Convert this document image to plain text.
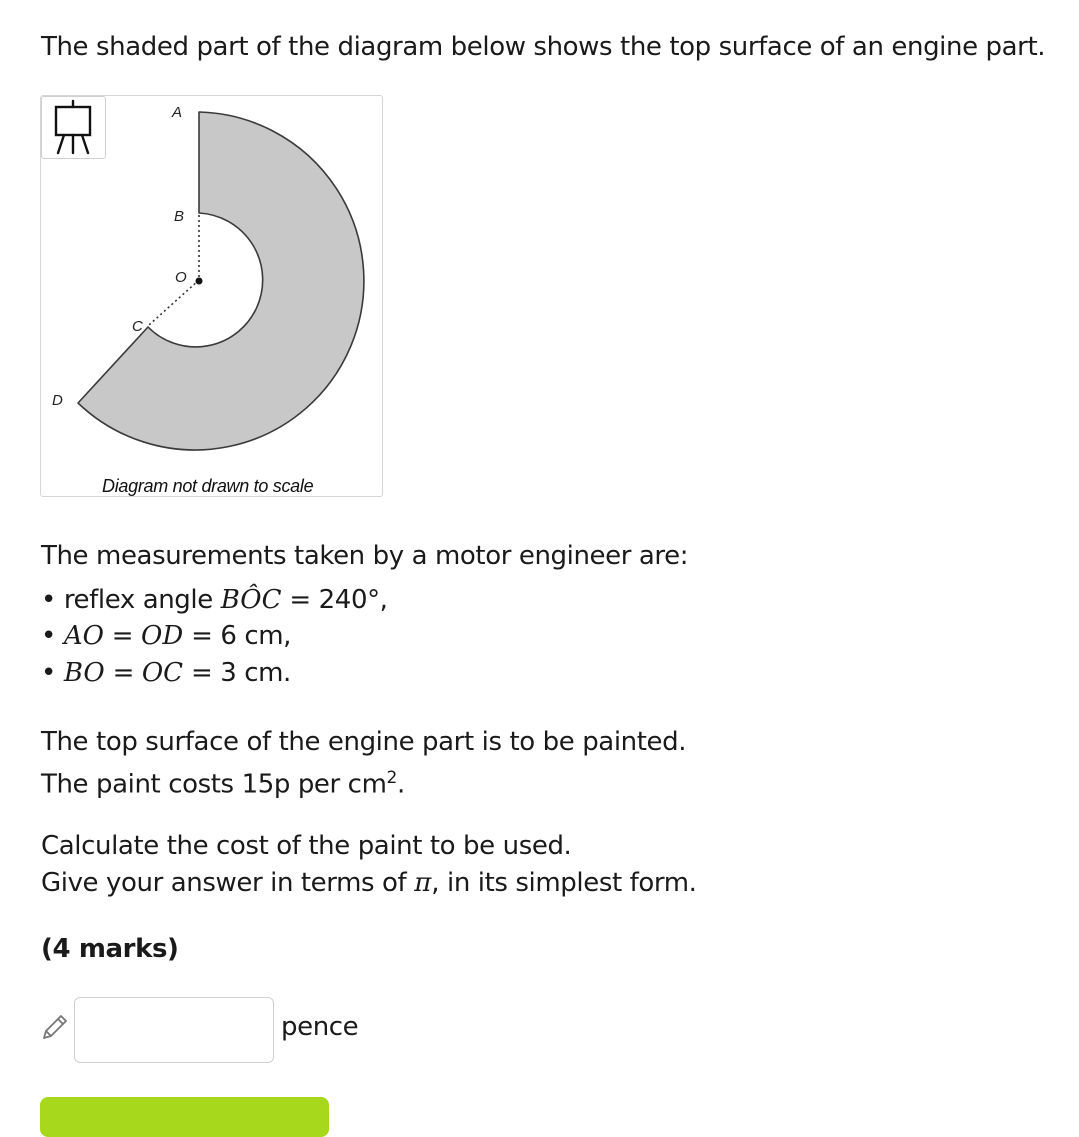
The shaded part of the diagram below shows the top surface of an engine part.
A
B
O
C
D
Diagram not drawn to scale
The measurements taken by a motor engineer are:
• reflex angle BÔC = 240°,
• AO = OD = 6 cm,
• BO = OC = 3 cm.
The top surface of the engine part is to be painted.
The paint costs 15p per $cm^2$.
Calculate the cost of the paint to be used.
Give your answer in terms of π, in its simplest form.
(4 marks)
pence
